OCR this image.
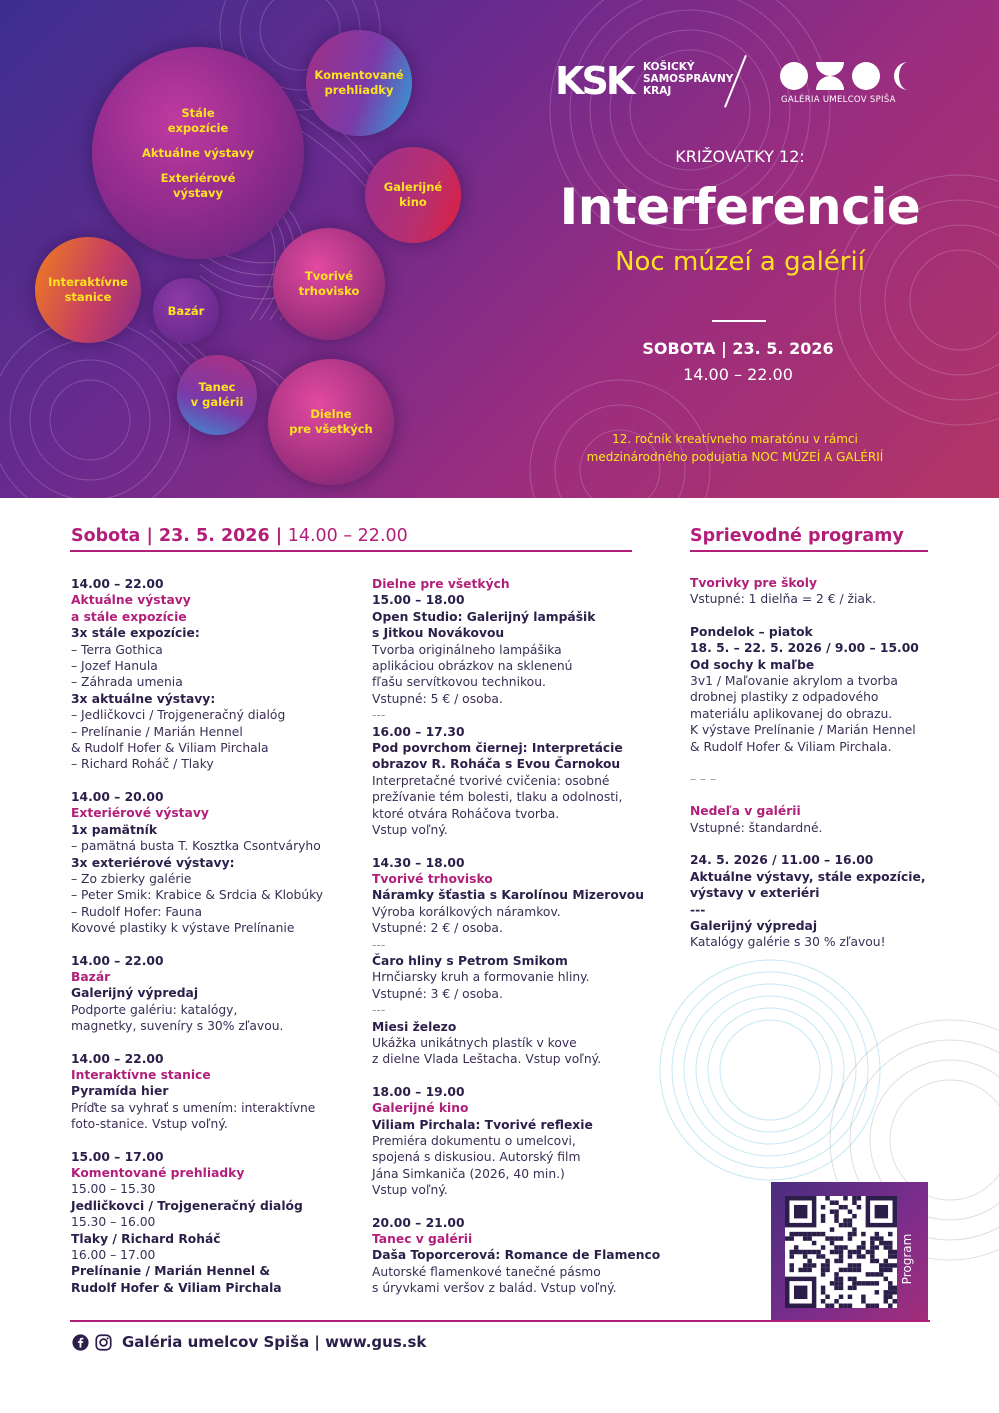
Stále
expozície
Aktuálne výstavy
Exteriérové
výstavy
Komentované
prehliadky
Galerijné
kino
Interaktívne
stanice
Bazár
Tvorivé
trhovisko
Tanec
v galérii
Dielne
pre všetkých
KSK KOŠICKÝ
SAMOSPRÁVNY
KRAJ
GALÉRIA UMELCOV SPIŠA
KRIŽOVATKY 12:
Interferencie
Noc múzeí a galérií
SOBOTA | 23. 5. 2026
14.00 – 22.00
12. ročník kreatívneho maratónu v rámci
medzinárodného podujatia NOC MÚZEÍ A GALÉRIÍ
Sobota | 23. 5. 2026 | 14.00 – 22.00	Sprievodné programy
14.00 – 22.00
Aktuálne výstavy
a stále expozície
3x stále expozície:
– Terra Gothica
– Jozef Hanula
– Záhrada umenia
3x aktuálne výstavy:
– Jedličkovci / Trojgeneračný dialóg
– Prelínanie / Marián Hennel
& Rudolf Hofer & Viliam Pirchala
– Richard Roháč / Tlaky
14.00 – 20.00
Exteriérové výstavy
1x pamätník
– pamätná busta T. Kosztka Csontváryho
3x exteriérové výstavy:
– Zo zbierky galérie
– Peter Smik: Krabice & Srdcia & Klobúky
– Rudolf Hofer: Fauna
Kovové plastiky k výstave Prelínanie
14.00 – 22.00
Bazár
Galerijný výpredaj
Podporte galériu: katalógy,
magnetky, suveníry s 30% zľavou.
14.00 – 22.00
Interaktívne stanice
Pyramída hier
Príďte sa vyhrať s umením: interaktívne
foto-stanice. Vstup voľný.
15.00 – 17.00
Komentované prehliadky
15.00 – 15.30
Jedličkovci / Trojgeneračný dialóg
15.30 – 16.00
Tlaky / Richard Roháč
16.00 – 17.00
Prelínanie / Marián Hennel &
Rudolf Hofer & Viliam Pirchala
Dielne pre všetkých
15.00 – 18.00
Open Studio: Galerijný lampášik
s Jitkou Novákovou
Tvorba originálneho lampášika
aplikáciou obrázkov na sklenenú
fľašu servítkovou technikou.
Vstupné: 5 € / osoba.
---
16.00 – 17.30
Pod povrchom čiernej: Interpretácie
obrazov R. Roháča s Evou Čarnokou
Interpretačné tvorivé cvičenia: osobné
prežívanie tém bolesti, tlaku a odolnosti,
ktoré otvára Roháčova tvorba.
Vstup voľný.
14.30 – 18.00
Tvorivé trhovisko
Náramky šťastia s Karolínou Mizerovou
Výroba korálkových náramkov.
Vstupné: 2 € / osoba.
---
Čaro hliny s Petrom Smikom
Hrnčiarsky kruh a formovanie hliny.
Vstupné: 3 € / osoba.
---
Miesi železo
Ukážka unikátnych plastík v kove
z dielne Vlada Leštacha. Vstup voľný.
18.00 – 19.00
Galerijné kino
Viliam Pirchala: Tvorivé reflexie
Premiéra dokumentu o umelcovi,
spojená s diskusiou. Autorský film
Jána Simkaniča (2026, 40 min.)
Vstup voľný.
20.00 – 21.00
Tanec v galérii
Daša Toporcerová: Romance de Flamenco
Autorské flamenkové tanečné pásmo
s úryvkami veršov z balád. Vstup voľný.
Tvorivky pre školy
Vstupné: 1 dielňa = 2 € / žiak.
Pondelok – piatok
18. 5. – 22. 5. 2026 / 9.00 – 15.00
Od sochy k maľbe
3v1 / Maľovanie akrylom a tvorba
drobnej plastiky z odpadového
materiálu aplikovanej do obrazu.
K výstave Prelínanie / Marián Hennel
& Rudolf Hofer & Viliam Pirchala.
– – –
Nedeľa v galérii
Vstupné: štandardné.
24. 5. 2026 / 11.00 – 16.00
Aktuálne výstavy, stále expozície,
výstavy v exteriéri
---
Galerijný výpredaj
Katalógy galérie s 30 % zľavou!
Program
Galéria umelcov Spiša | www.gus.sk
